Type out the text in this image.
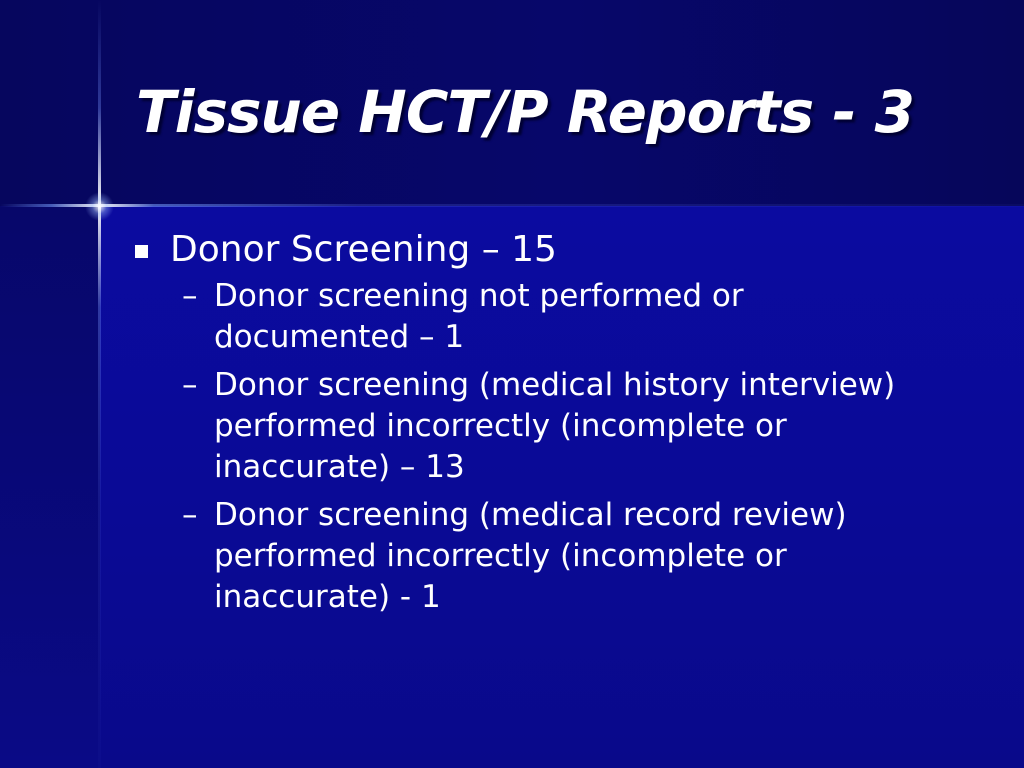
Tissue HCT/P Reports - 3
Donor Screening – 15
– Donor screening not performed or documented – 1
– Donor screening (medical history interview) performed incorrectly (incomplete or inaccurate) – 13
– Donor screening (medical record review) performed incorrectly (incomplete or inaccurate) - 1
